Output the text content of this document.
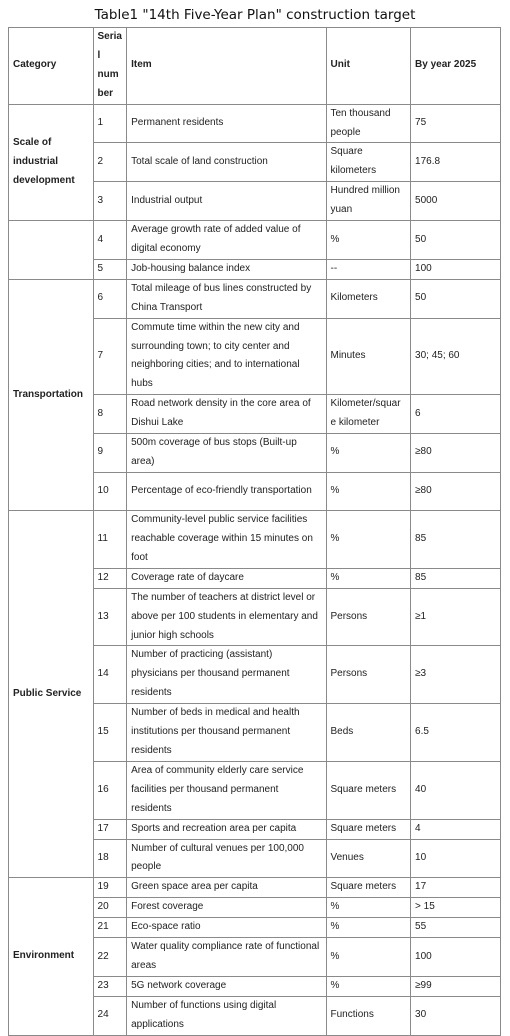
Table1 "14th Five-Year Plan" construction target
Category	Serial number	Item	Unit	By year 2025
Scale of industrial development	1	Permanent residents	Ten thousand people	75
	2	Total scale of land construction	Square kilometers	176.8
	3	Industrial output	Hundred million yuan	5000
	4	Average growth rate of added value of digital economy	%	50
	5	Job-housing balance index	--	100
Transportation	6	Total mileage of bus lines constructed by China Transport	Kilometers	50
	7	Commute time within the new city and surrounding town; to city center and neighboring cities; and to international hubs	Minutes	30; 45; 60
	8	Road network density in the core area of Dishui Lake	Kilometer/square kilometer	6
	9	500m coverage of bus stops (Built-up area)	%	≥80
	10	Percentage of eco-friendly transportation	%	≥80
Public Service	11	Community-level public service facilities reachable coverage within 15 minutes on foot	%	85
	12	Coverage rate of daycare	%	85
	13	The number of teachers at district level or above per 100 students in elementary and junior high schools	Persons	≥1
	14	Number of practicing (assistant) physicians per thousand permanent residents	Persons	≥3
	15	Number of beds in medical and health institutions per thousand permanent residents	Beds	6.5
	16	Area of community elderly care service facilities per thousand permanent residents	Square meters	40
	17	Sports and recreation area per capita	Square meters	4
	18	Number of cultural venues per 100,000 people	Venues	10
Environment	19	Green space area per capita	Square meters	17
	20	Forest coverage	%	> 15
	21	Eco-space ratio	%	55
	22	Water quality compliance rate of functional areas	%	100
	23	5G network coverage	%	≥99
	24	Number of functions using digital applications	Functions	30
